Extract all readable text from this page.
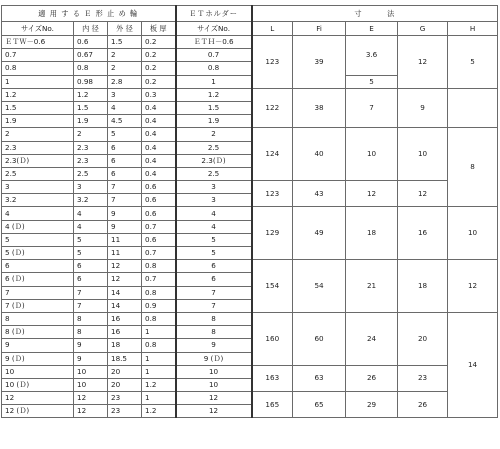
適 用 す る Ｅ 形 止 め 輪				ＥＴホルダー	寸　　　法				
サイズNo.	内 径	外 径	板 厚	サイズNo.	L	Fi	E	G	H
ＥＴＷ－0.6	0.6	1.5	0.2	ＥＴＨ－0.6	123	39	3.6	12	5
0.7	0.67	2	0.2	0.7					
0.8	0.8	2	0.2	0.8					
1	0.98	2.8	0.2	1			5		
1.2	1.2	3	0.3	1.2	122	38	7	9	
1.5	1.5	4	0.4	1.5					
1.9	1.9	4.5	0.4	1.9					
2	2	5	0.4	2	124	40	10	10	8
2.3	2.3	6	0.4	2.5					
2.3(Ｄ)	2.3	6	0.4	2.3(Ｄ)					
2.5	2.5	6	0.4	2.5					
3	3	7	0.6	3	123	43	12	12	
3.2	3.2	7	0.6	3					
4	4	9	0.6	4	129	49	18	16	10
4 (Ｄ)	4	9	0.7	4					
5	5	11	0.6	5					
5 (Ｄ)	5	11	0.7	5					
6	6	12	0.8	6	154	54	21	18	12
6 (Ｄ)	6	12	0.7	6					
7	7	14	0.8	7					
7 (Ｄ)	7	14	0.9	7					
8	8	16	0.8	8	160	60	24	20	14
8 (Ｄ)	8	16	1	8					
9	9	18	0.8	9					
9 (Ｄ)	9	18.5	1	9 (Ｄ)					
10	10	20	1	10	163	63	26	23	
10 (Ｄ)	10	20	1.2	10					
12	12	23	1	12	165	65	29	26	
12 (Ｄ)	12	23	1.2	12					
